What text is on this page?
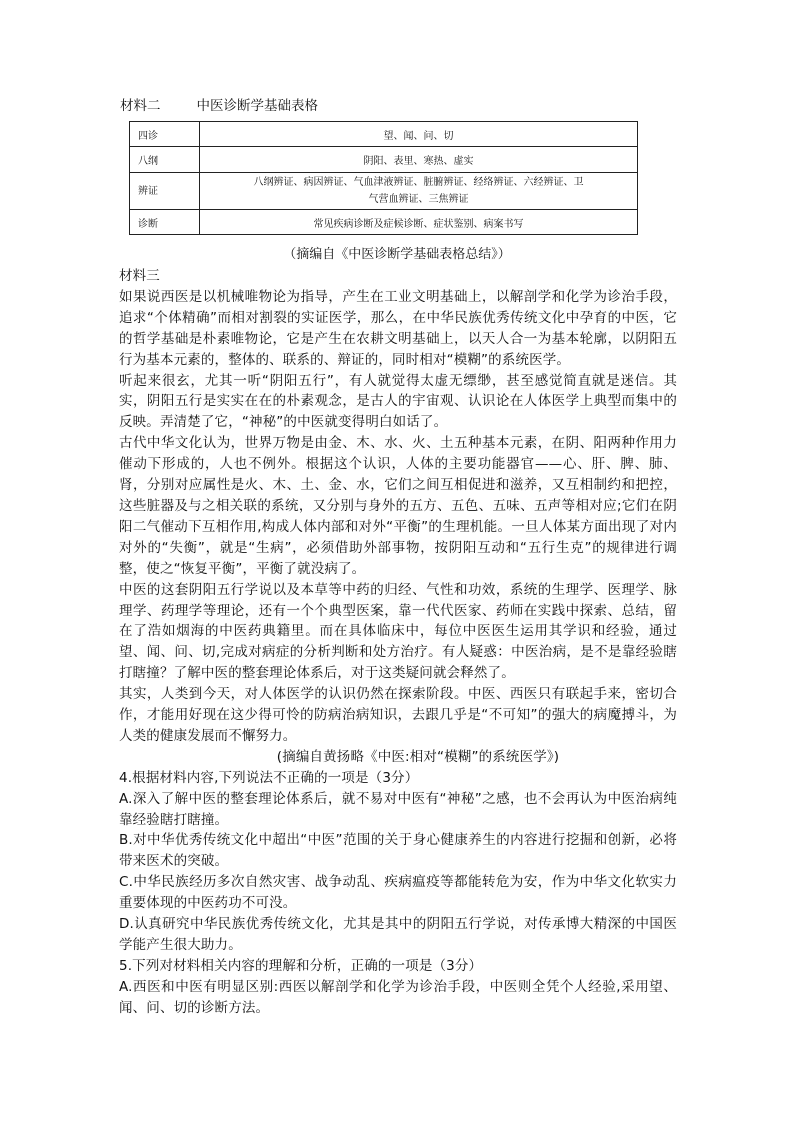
材料二	中医诊断学基础表格
四诊	望、闻、问、切
八纲	阴阳、表里、寒热、虚实
辨证	八纲辨证、病因辨证、气血津液辨证、脏腑辨证、经络辨证、六经辨证、卫
气营血辨证、三焦辨证

诊断	常见疾病诊断及症候诊断、症状鉴别、病案书写
（摘编自《中医诊断学基础表格总结》）

材料三

如果说西医是以机械唯物论为指导，产生在工业文明基础上，以解剖学和化学为诊治手段，追求“个体精确”而相对割裂的实证医学，那么，在中华民族优秀传统文化中孕育的中医，它的哲学基础是朴素唯物论，它是产生在农耕文明基础上，以天人合一为基本轮廓，以阴阳五行为基本元素的，整体的、联系的、辩证的，同时相对“模糊”的系统医学。

听起来很玄，尤其一听“阴阳五行”，有人就觉得太虚无缥缈，甚至感觉简直就是迷信。其实，阴阳五行是实实在在的朴素观念，是古人的宇宙观、认识论在人体医学上典型而集中的反映。弄清楚了它，“神秘”的中医就变得明白如话了。

古代中华文化认为，世界万物是由金、木、水、火、土五种基本元素，在阴、阳两种作用力催动下形成的，人也不例外。根据这个认识，人体的主要功能器官——心、肝、脾、肺、肾，分别对应属性是火、木、土、金、水，它们之间互相促进和滋养，又互相制约和把控，这些脏器及与之相关联的系统，又分别与身外的五方、五色、五味、五声等相对应;它们在阴阳二气催动下互相作用,构成人体内部和对外“平衡”的生理机能。一旦人体某方面出现了对内对外的“失衡”，就是“生病”，必须借助外部事物，按阴阳互动和“五行生克”的规律进行调整，使之“恢复平衡”，平衡了就没病了。

中医的这套阴阳五行学说以及本草等中药的归经、气性和功效，系统的生理学、医理学、脉理学、药理学等理论，还有一个个典型医案，靠一代代医家、药师在实践中探索、总结，留在了浩如烟海的中医药典籍里。而在具体临床中，每位中医医生运用其学识和经验，通过望、闻、问、切,完成对病症的分析判断和处方治疗。有人疑惑：中医治病，是不是靠经验瞎打瞎撞？了解中医的整套理论体系后，对于这类疑问就会释然了。

其实，人类到今天，对人体医学的认识仍然在探索阶段。中医、西医只有联起手来，密切合作，才能用好现在这少得可怜的防病治病知识，去跟几乎是“不可知”的强大的病魔搏斗，为人类的健康发展而不懈努力。

(摘编自黄扬略《中医:相对“模糊”的系统医学》)

4.根据材料内容,下列说法不正确的一项是（3分）

A.深入了解中医的整套理论体系后，就不易对中医有“神秘”之感，也不会再认为中医治病纯靠经验瞎打瞎撞。

B.对中华优秀传统文化中超出“中医”范围的关于身心健康养生的内容进行挖掘和创新，必将带来医术的突破。

C.中华民族经历多次自然灾害、战争动乱、疾病瘟疫等都能转危为安，作为中华文化软实力重要体现的中医药功不可没。

D.认真研究中华民族优秀传统文化，尤其是其中的阴阳五行学说，对传承博大精深的中国医学能产生很大助力。

5.下列对材料相关内容的理解和分析，正确的一项是（3分）

A.西医和中医有明显区别:西医以解剖学和化学为诊治手段，中医则全凭个人经验,采用望、闻、问、切的诊断方法。
